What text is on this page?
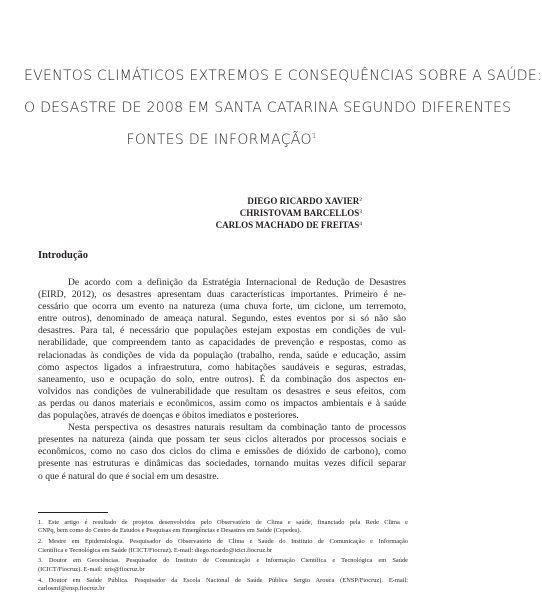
EVENTOS CLIMÁTICOS EXTREMOS E CONSEQUÊNCIAS SOBRE A SAÚDE:
O DESASTRE DE 2008 EM SANTA CATARINA SEGUNDO DIFERENTES
FONTES DE INFORMAÇÃO$^1$
DIEGO RICARDO XAVIER$^2$
CHRISTOVAM BARCELLOS$^3$
CARLOS MACHADO DE FREITAS$^4$
Introdução
De acordo com a definição da Estratégia Internacional de Redução de Desastres
(EIRD, 2012), os desastres apresentam duas características importantes. Primeiro é ne-
cessário que ocorra um evento na natureza (uma chuva forte, um ciclone, um terremoto,
entre outros), denominado de ameaça natural. Segundo, estes eventos por si só não são
desastres. Para tal, é necessário que populações estejam expostas em condições de vul-
nerabilidade, que compreendem tanto as capacidades de prevenção e respostas, como as
relacionadas às condições de vida da população (trabalho, renda, saúde e educação, assim
como aspectos ligados a infraestrutura, como habitações saudáveis e seguras, estradas,
saneamento, uso e ocupação do solo, entre outros). É da combinação dos aspectos en-
volvidos nas condições de vulnerabilidade que resultam os desastres e seus efeitos, com
as perdas ou danos materiais e econômicos, assim como os impactos ambientais e à saúde
das populações, através de doenças e óbitos imediatos e posteriores.
Nesta perspectiva os desastres naturais resultam da combinação tanto de processos
presentes na natureza (ainda que possam ter seus ciclos alterados por processos sociais e
econômicos, como no caso dos ciclos do clima e emissões de dióxido de carbono), como
presente nas estruturas e dinâmicas das sociedades, tornando muitas vezes difícil separar
o que é natural do que é social em um desastre.
1. Este artigo é resultado de projetos desenvolvidos pelo Observatório de Clima e saúde, financiado pela Rede Clima e
CNPq, bem como do Centro de Estudos e Pesquisas em Emergências e Desastres em Saúde (Cepedes).
2. Mestre em Epidemiologia. Pesquisador do Observatório de Clima e Saúde do Instituto de Comunicação e Informação
Científica e Tecnológica em Saúde (ICICT/Fiocruz). E-mail: diego.ricardo@icict.fiocruz.br
3. Doutor em Geociências. Pesquisador do Instituto de Comunicação e Informação Científica e Tecnológica em Saúde
(ICICT/Fiocruz). E-mail: xris@fiocruz.br
4. Doutor em Saúde Pública. Pesquisador da Escola Nacional de Saúde Pública Sergio Arouca (ENSP/Fiocruz). E-mail:
carlosmf@ensp.fiocruz.br
